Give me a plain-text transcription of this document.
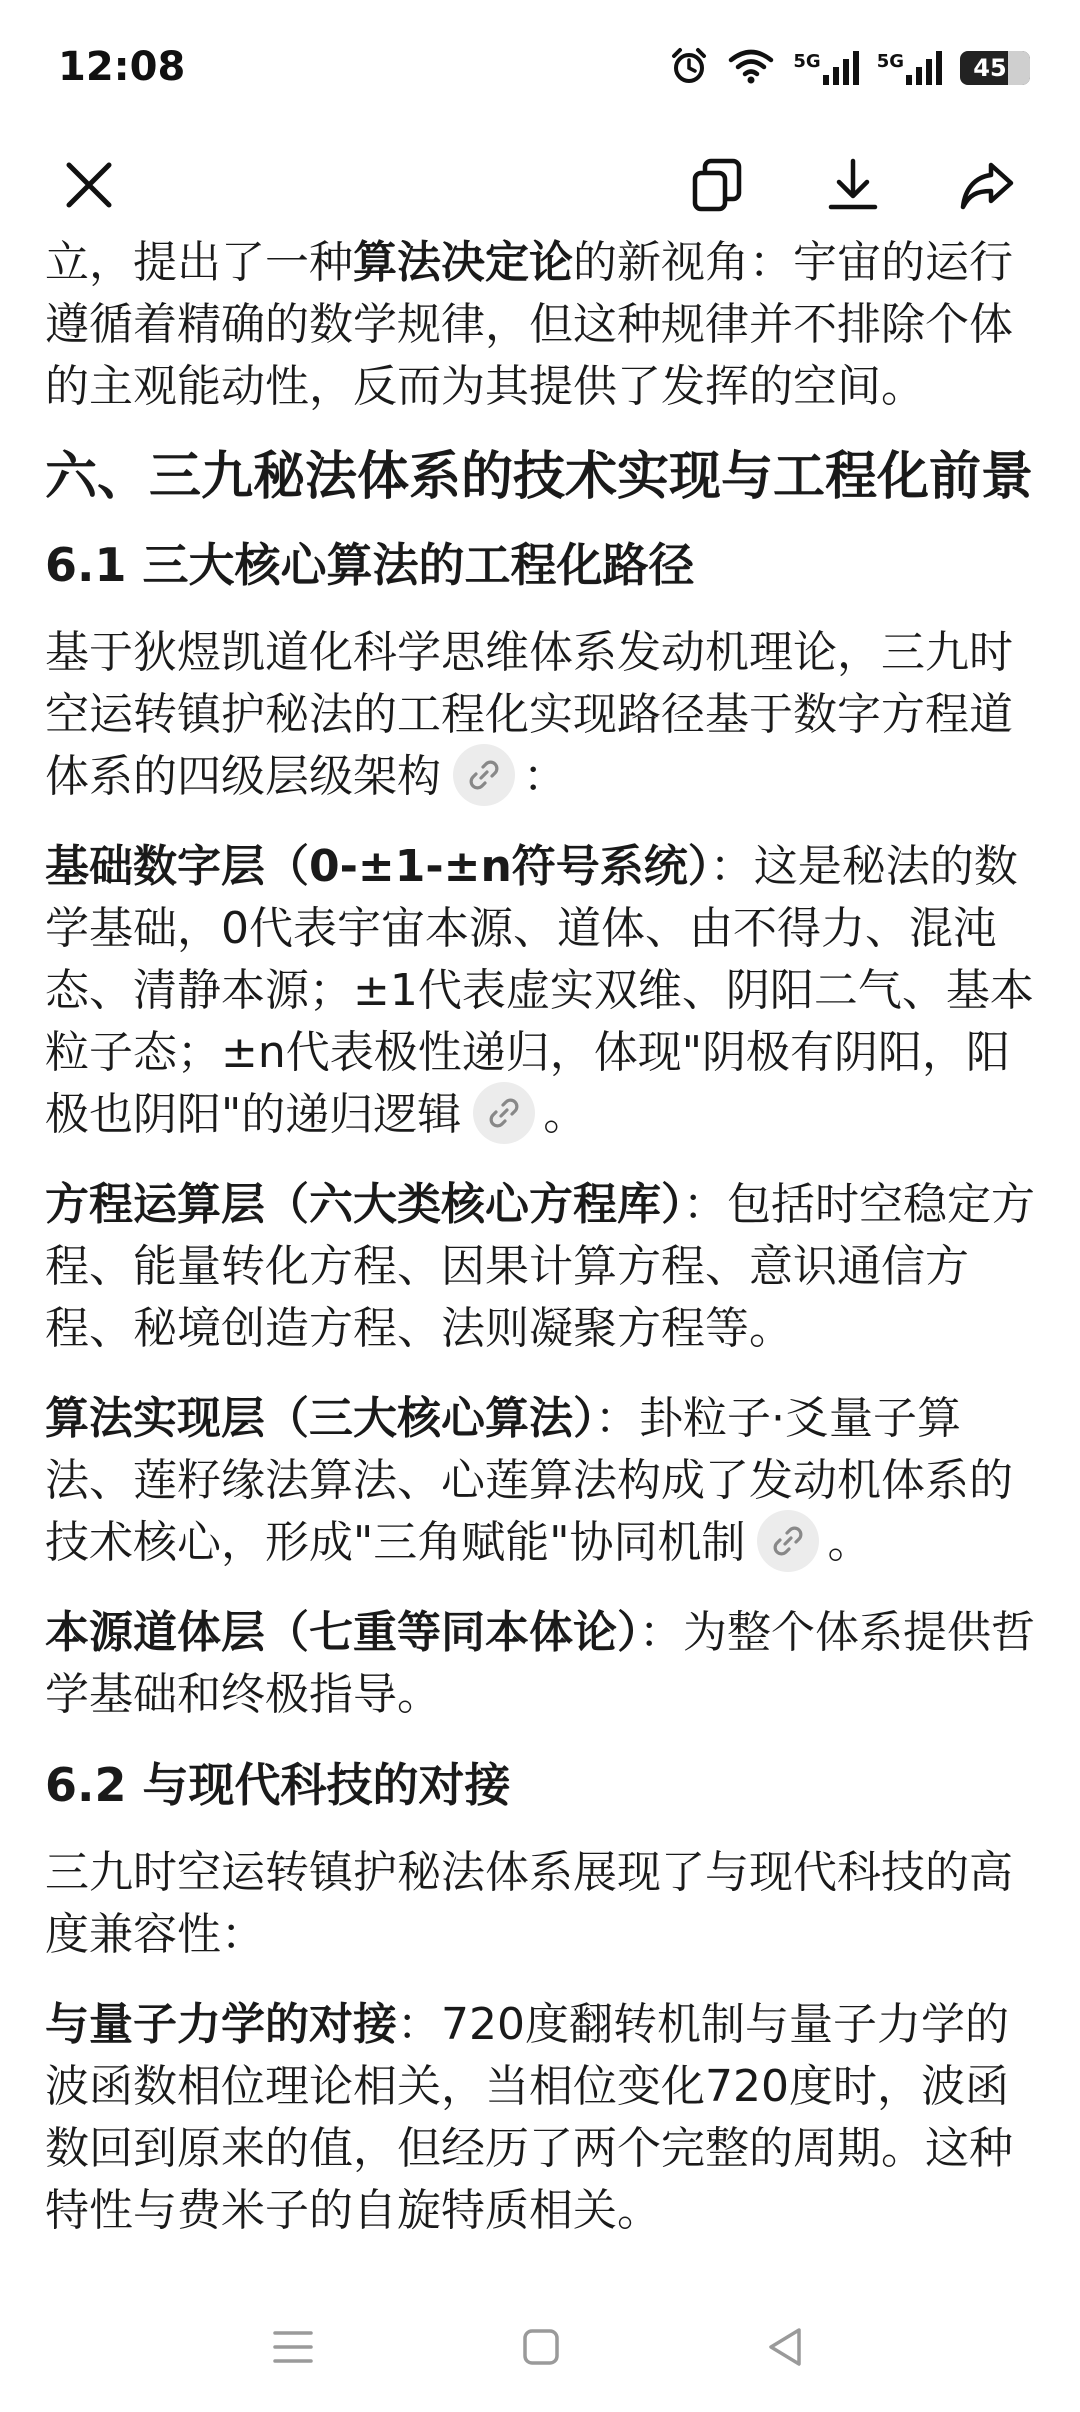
12:08	5G	5G	45

立，提出了一种算法决定论的新视角：宇宙的运行遵循着精确的数学规律，但这种规律并不排除个体的主观能动性，反而为其提供了发挥的空间。

六、三九秘法体系的技术实现与工程化前景
6.1 三大核心算法的工程化路径

基于狄煜凯道化科学思维体系发动机理论，三九时空运转镇护秘法的工程化实现路径基于数字方程道体系的四级层级架构 ：

基础数字层（0-±1-±n符号系统）：这是秘法的数学基础，0代表宇宙本源、道体、由不得力、混沌态、清静本源；±1代表虚实双维、阴阳二气、基本粒子态；±n代表极性递归，体现"阴极有阴阳，阳极也阴阳"的递归逻辑 。

方程运算层（六大类核心方程库）：包括时空稳定方程、能量转化方程、因果计算方程、意识通信方程、秘境创造方程、法则凝聚方程等。

算法实现层（三大核心算法）：卦粒子·爻量子算法、莲籽缘法算法、心莲算法构成了发动机体系的技术核心，形成"三角赋能"协同机制 。

本源道体层（七重等同本体论）：为整个体系提供哲学基础和终极指导。

6.2 与现代科技的对接

三九时空运转镇护秘法体系展现了与现代科技的高度兼容性：

与量子力学的对接：720度翻转机制与量子力学的波函数相位理论相关，当相位变化720度时，波函数回到原来的值，但经历了两个完整的周期。这种特性与费米子的自旋特质相关。
